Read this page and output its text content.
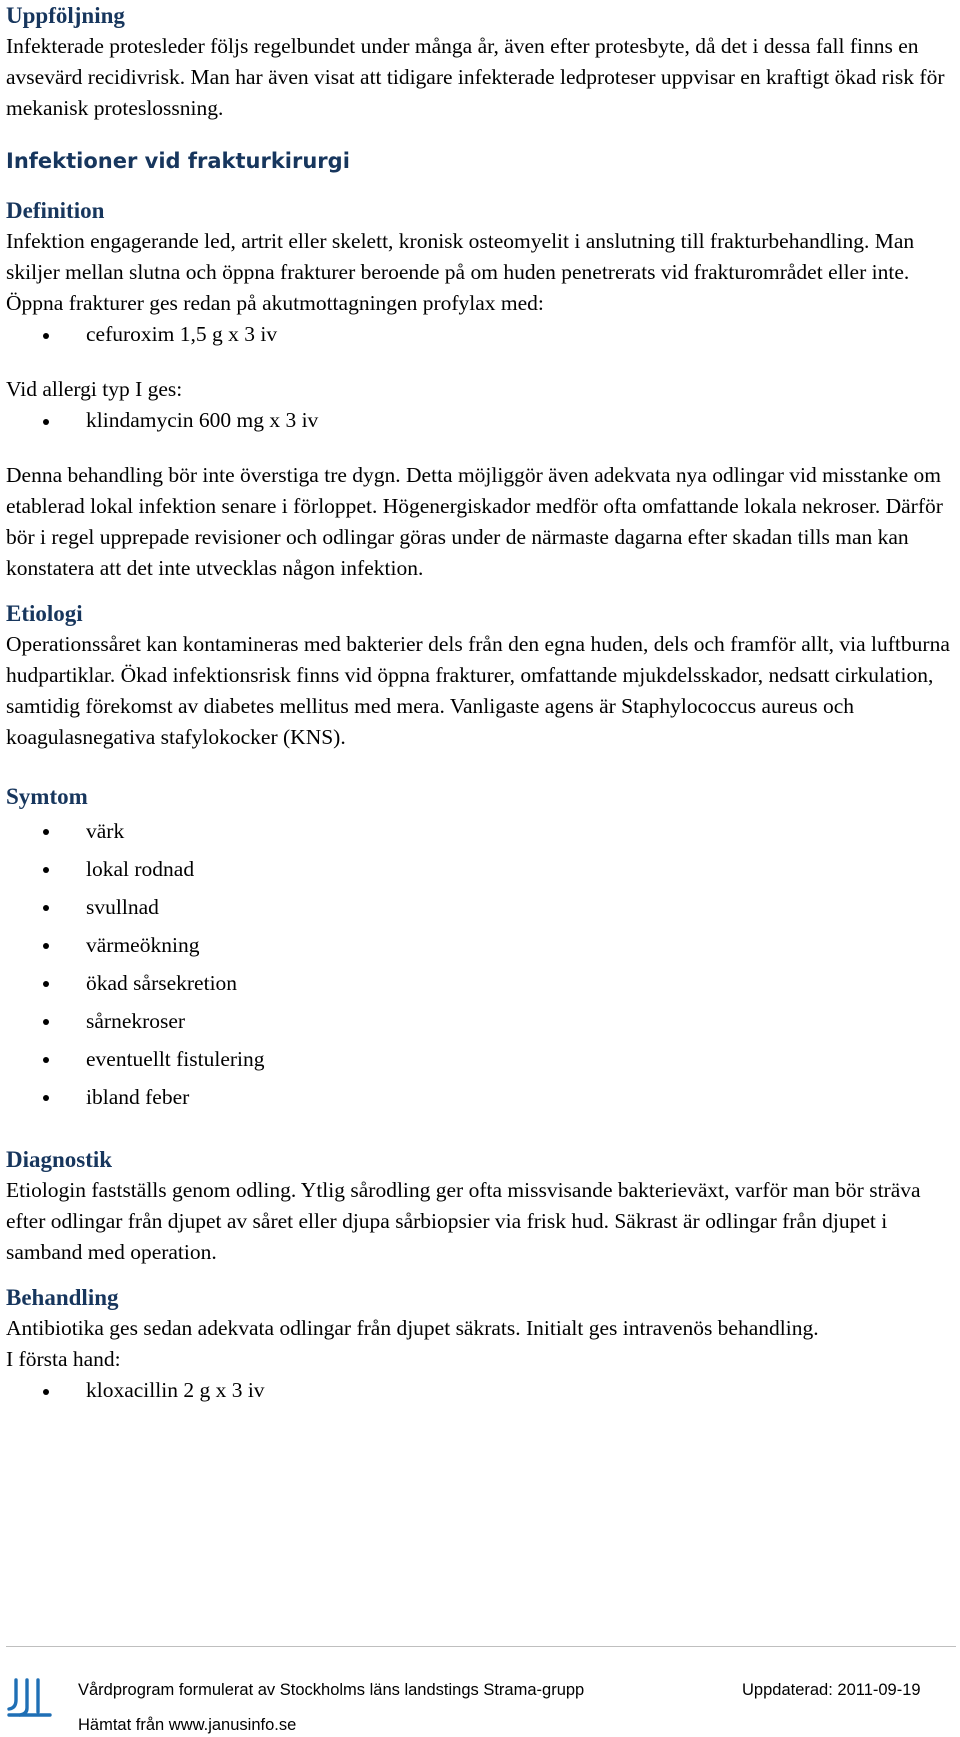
Uppföljning

Infekterade protesleder följs regelbundet under många år, även efter protesbyte, då det i dessa fall finns en avsevärd recidivrisk. Man har även visat att tidigare infekterade ledproteser uppvisar en kraftigt ökad risk för mekanisk proteslossning.

Infektioner vid frakturkirurgi
Definition

Infektion engagerande led, artrit eller skelett, kronisk osteomyelit i anslutning till frakturbehandling. Man skiljer mellan slutna och öppna frakturer beroende på om huden penetrerats vid frakturområdet eller inte. Öppna frakturer ges redan på akutmottagningen profylax med:

cefuroxim 1,5 g x 3 iv

Vid allergi typ I ges:

klindamycin 600 mg x 3 iv

Denna behandling bör inte överstiga tre dygn. Detta möjliggör även adekvata nya odlingar vid misstanke om etablerad lokal infektion senare i förloppet. Högenergiskador medför ofta omfattande lokala nekroser. Därför bör i regel upprepade revisioner och odlingar göras under de närmaste dagarna efter skadan tills man kan konstatera att det inte utvecklas någon infektion.

Etiologi

Operationssåret kan kontamineras med bakterier dels från den egna huden, dels och framför allt, via luftburna hudpartiklar. Ökad infektionsrisk finns vid öppna frakturer, omfattande mjukdelsskador, nedsatt cirkulation, samtidig förekomst av diabetes mellitus med mera. Vanligaste agens är Staphylococcus aureus och koagulasnegativa stafylokocker (KNS).

Symtom
värk
lokal rodnad
svullnad
värmeökning
ökad sårsekretion
sårnekroser
eventuellt fistulering
ibland feber
Diagnostik

Etiologin fastställs genom odling. Ytlig sårodling ger ofta missvisande bakterieväxt, varför man bör sträva efter odlingar från djupet av såret eller djupa sårbiopsier via frisk hud. Säkrast är odlingar från djupet i samband med operation.

Behandling

Antibiotika ges sedan adekvata odlingar från djupet säkrats. Initialt ges intravenös behandling.

I första hand:

kloxacillin 2 g x 3 iv
Vårdprogram formulerat av Stockholms läns landstings Strama-grupp	Uppdaterad: 2011-09-19
Hämtat från www.janusinfo.se
